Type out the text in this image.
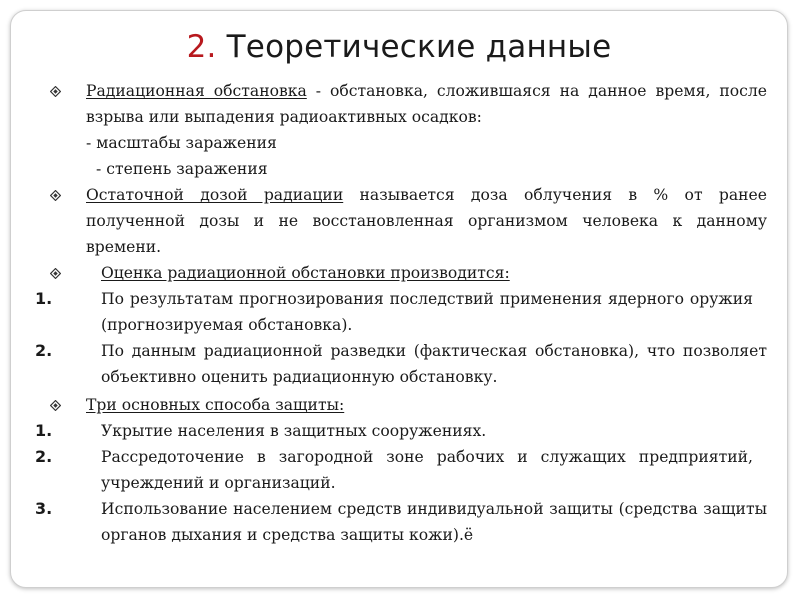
2. Теоретические данные
Радиационная обстановка - обстановка, сложившаяся на данное время, после взрыва или выпадения радиоактивных осадков:
- масштабы заражения
- степень заражения
Остаточной дозой радиации называется доза облучения в % от ранее полученной дозы и не восстановленная организмом человека к данному времени.
Оценка радиационной обстановки производится:
1.	По результатам прогнозирования последствий применения ядерного оружия (прогнозируемая обстановка).
2.	По данным радиационной разведки (фактическая обстановка), что позволяет объективно оценить радиационную обстановку.
Три основных способа защиты:
1.	Укрытие населения в защитных сооружениях.
2.	Рассредоточение в загородной зоне рабочих и служащих предприятий, учреждений и организаций.
3.	Использование населением средств индивидуальной защиты (средства защиты органов дыхания и средства защиты кожи).ё
